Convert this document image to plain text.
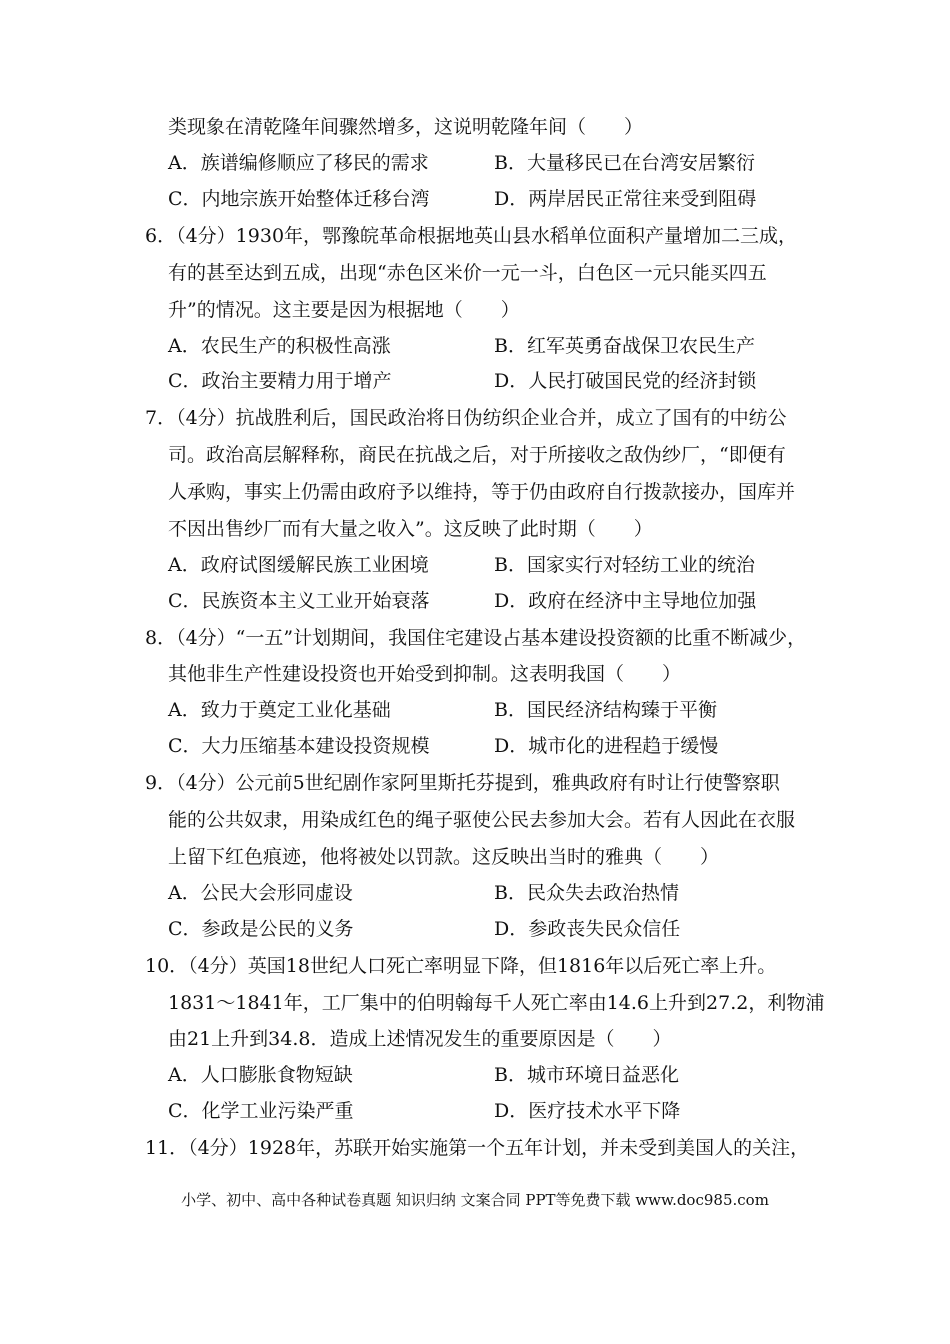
类现象在清乾隆年间骤然增多，这说明乾隆年间（　　）
A．族谱编修顺应了移民的需求	B．大量移民已在台湾安居繁衍
C．内地宗族开始整体迁移台湾	D．两岸居民正常往来受到阻碍
6．（4分）1930年，鄂豫皖革命根据地英山县水稻单位面积产量增加二三成，
有的甚至达到五成，出现“赤色区米价一元一斗，白色区一元只能买四五
升”的情况。这主要是因为根据地（　　）
A．农民生产的积极性高涨	B．红军英勇奋战保卫农民生产
C．政治主要精力用于增产	D．人民打破国民党的经济封锁
7．（4分）抗战胜利后，国民政治将日伪纺织企业合并，成立了国有的中纺公
司。政治高层解释称，商民在抗战之后，对于所接收之敌伪纱厂，“即便有
人承购，事实上仍需由政府予以维持，等于仍由政府自行拨款接办，国库并
不因出售纱厂而有大量之收入”。这反映了此时期（　　）
A．政府试图缓解民族工业困境	B．国家实行对轻纺工业的统治
C．民族资本主义工业开始衰落	D．政府在经济中主导地位加强
8．（4分）“一五”计划期间，我国住宅建设占基本建设投资额的比重不断减少，
其他非生产性建设投资也开始受到抑制。这表明我国（　　）
A．致力于奠定工业化基础	B．国民经济结构臻于平衡
C．大力压缩基本建设投资规模	D．城市化的进程趋于缓慢
9．（4分）公元前5世纪剧作家阿里斯托芬提到，雅典政府有时让行使警察职
能的公共奴隶，用染成红色的绳子驱使公民去参加大会。若有人因此在衣服
上留下红色痕迹，他将被处以罚款。这反映出当时的雅典（　　）
A．公民大会形同虚设	B．民众失去政治热情
C．参政是公民的义务	D．参政丧失民众信任
10．（4分）英国18世纪人口死亡率明显下降，但1816年以后死亡率上升。
1831～1841年，工厂集中的伯明翰每千人死亡率由14.6上升到27.2，利物浦
由21上升到34.8．造成上述情况发生的重要原因是（　　）
A．人口膨胀食物短缺	B．城市环境日益恶化
C．化学工业污染严重	D．医疗技术水平下降
11．（4分）1928年，苏联开始实施第一个五年计划，并未受到美国人的关注，
小学、初中、高中各种试卷真题 知识归纳 文案合同 PPT等免费下载 www.doc985.com
